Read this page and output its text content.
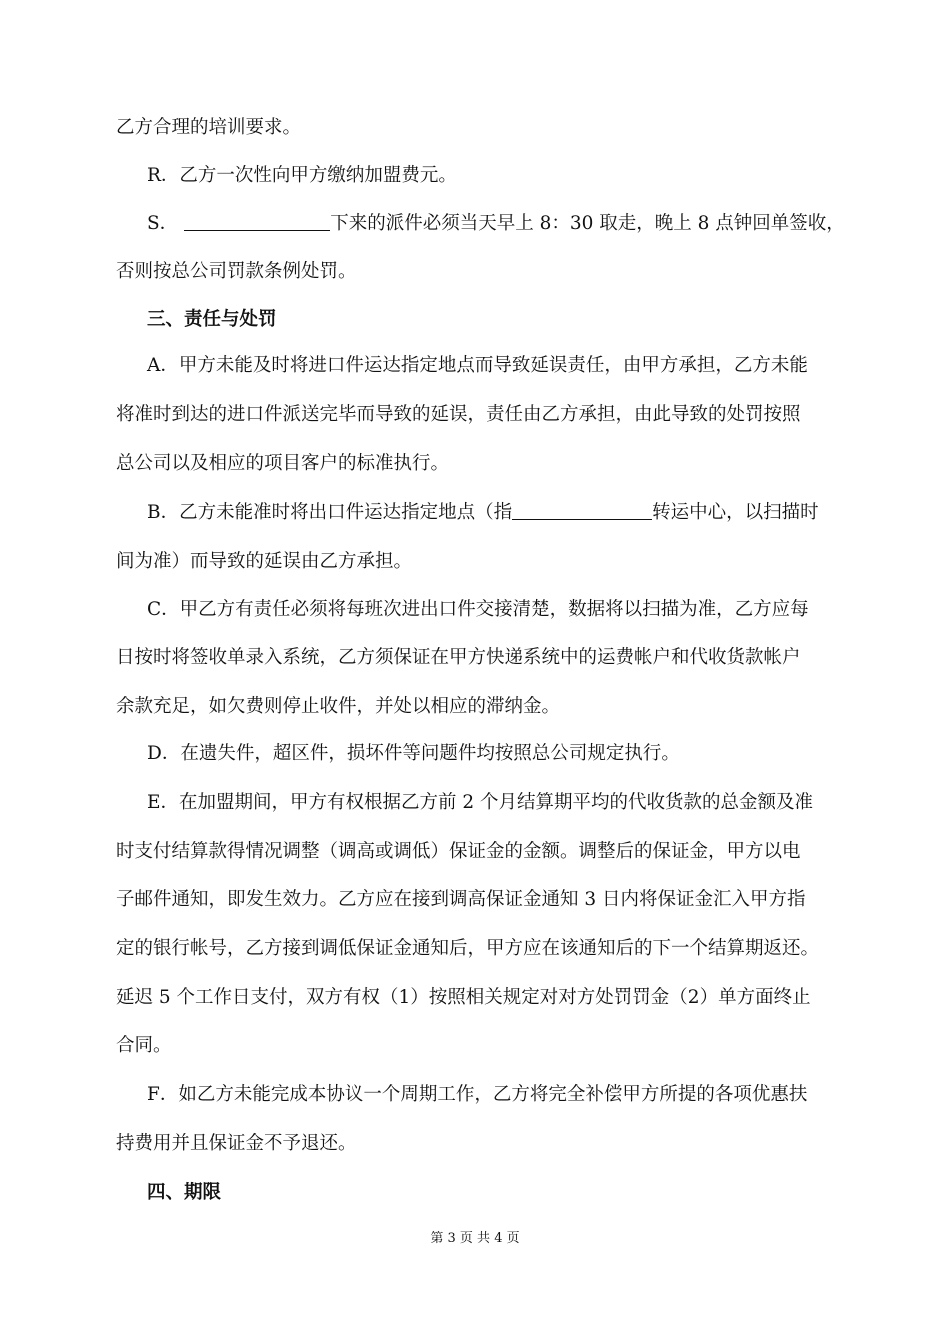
乙方合理的培训要求。
R．乙方一次性向甲方缴纳加盟费元。
S．	下来的派件必须当天早上 8：30 取走，晚上 8 点钟回单签收，
否则按总公司罚款条例处罚。
三、责任与处罚
A．甲方未能及时将进口件运达指定地点而导致延误责任，由甲方承担，乙方未能
将准时到达的进口件派送完毕而导致的延误，责任由乙方承担，由此导致的处罚按照
总公司以及相应的项目客户的标准执行。
B．乙方未能准时将出口件运达指定地点（指	转运中心，以扫描时
间为准）而导致的延误由乙方承担。
C．甲乙方有责任必须将每班次进出口件交接清楚，数据将以扫描为准，乙方应每
日按时将签收单录入系统，乙方须保证在甲方快递系统中的运费帐户和代收货款帐户
余款充足，如欠费则停止收件，并处以相应的滞纳金。
D．在遗失件，超区件，损坏件等问题件均按照总公司规定执行。
E．在加盟期间，甲方有权根据乙方前 2 个月结算期平均的代收货款的总金额及准
时支付结算款得情况调整（调高或调低）保证金的金额。调整后的保证金，甲方以电
子邮件通知，即发生效力。乙方应在接到调高保证金通知 3 日内将保证金汇入甲方指
定的银行帐号，乙方接到调低保证金通知后，甲方应在该通知后的下一个结算期返还。
延迟 5 个工作日支付，双方有权（1）按照相关规定对对方处罚罚金（2）单方面终止
合同。
F．如乙方未能完成本协议一个周期工作，乙方将完全补偿甲方所提的各项优惠扶
持费用并且保证金不予退还。
四、期限
第 3 页 共 4 页
